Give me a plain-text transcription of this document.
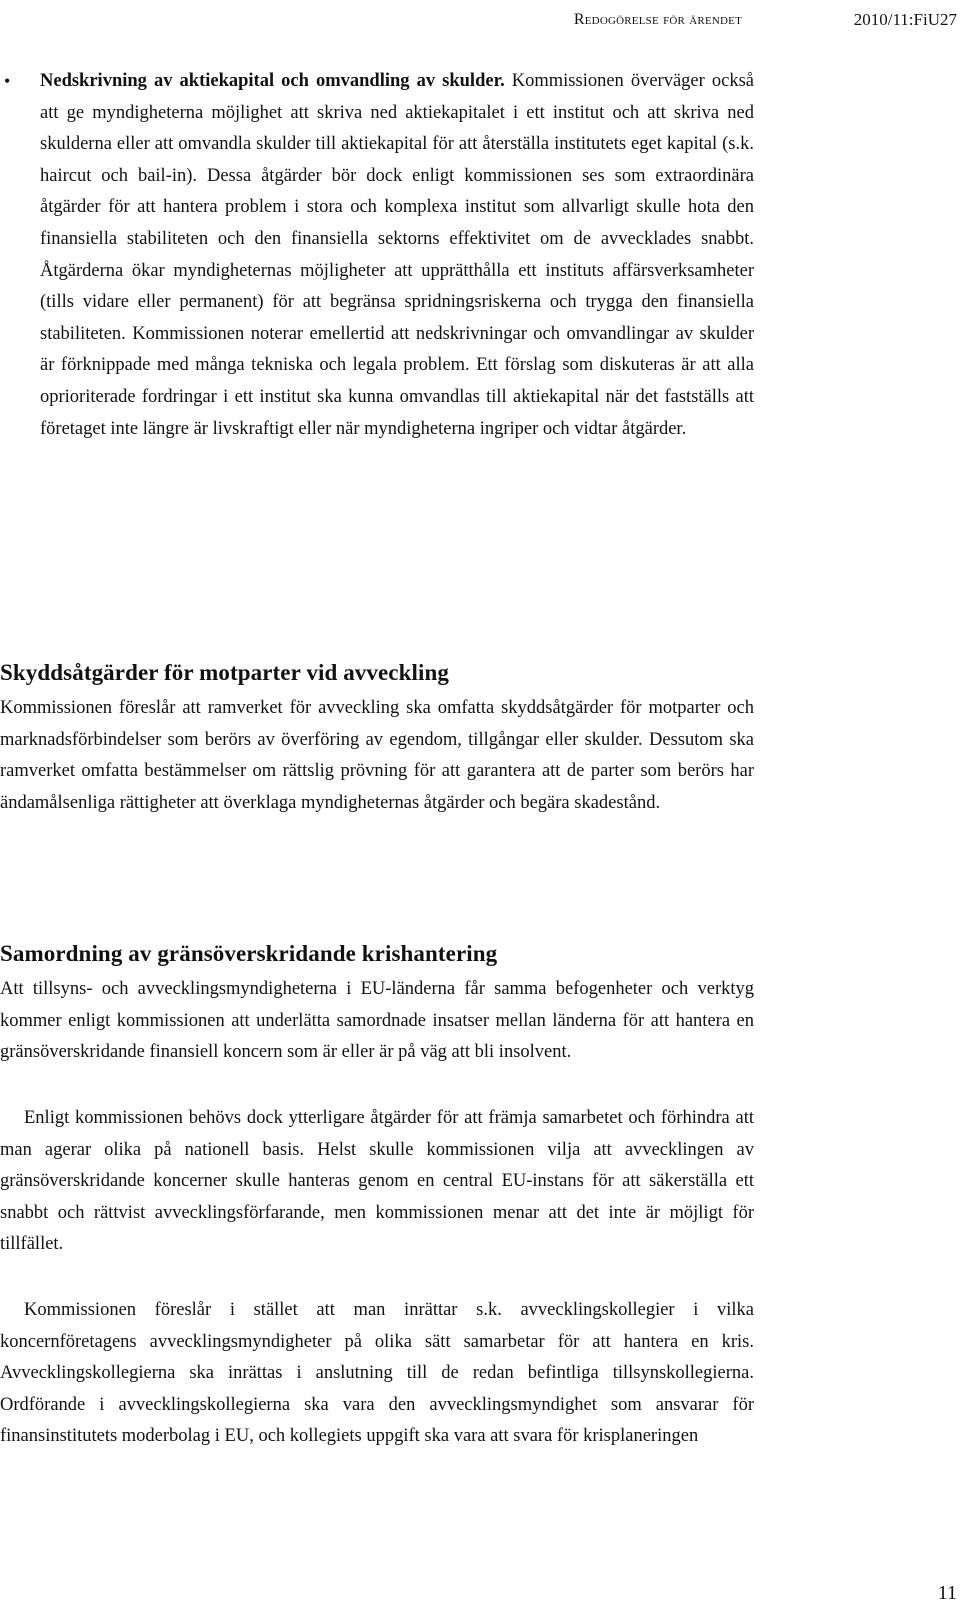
Redogörelse för ärendet	2010/11:FiU27
• Nedskrivning av aktiekapital och omvandling av skulder. Kommissionen överväger också att ge myndigheterna möjlighet att skriva ned aktiekapitalet i ett institut och att skriva ned skulderna eller att omvandla skulder till aktiekapital för att återställa institutets eget kapital (s.k. haircut och bail-in). Dessa åtgärder bör dock enligt kommissionen ses som extraordinära åtgärder för att hantera problem i stora och komplexa institut som allvarligt skulle hota den finansiella stabiliteten och den finansiella sektorns effektivitet om de avvecklades snabbt. Åtgärderna ökar myndigheternas möjligheter att upprätthålla ett instituts affärsverksamheter (tills vidare eller permanent) för att begränsa spridningsriskerna och trygga den finansiella stabiliteten. Kommissionen noterar emellertid att nedskrivningar och omvandlingar av skulder är förknippade med många tekniska och legala problem. Ett förslag som diskuteras är att alla oprioriterade fordringar i ett institut ska kunna omvandlas till aktiekapital när det fastställs att företaget inte längre är livskraftigt eller när myndigheterna ingriper och vidtar åtgärder.
Skyddsåtgärder för motparter vid avveckling

Kommissionen föreslår att ramverket för avveckling ska omfatta skyddsåtgärder för motparter och marknadsförbindelser som berörs av överföring av egendom, tillgångar eller skulder. Dessutom ska ramverket omfatta bestämmelser om rättslig prövning för att garantera att de parter som berörs har ändamålsenliga rättigheter att överklaga myndigheternas åtgärder och begära skadestånd.

Samordning av gränsöverskridande krishantering

Att tillsyns- och avvecklingsmyndigheterna i EU-länderna får samma befogenheter och verktyg kommer enligt kommissionen att underlätta samordnade insatser mellan länderna för att hantera en gränsöverskridande finansiell koncern som är eller är på väg att bli insolvent.

Enligt kommissionen behövs dock ytterligare åtgärder för att främja samarbetet och förhindra att man agerar olika på nationell basis. Helst skulle kommissionen vilja att avvecklingen av gränsöverskridande koncerner skulle hanteras genom en central EU-instans för att säkerställa ett snabbt och rättvist avvecklingsförfarande, men kommissionen menar att det inte är möjligt för tillfället.

Kommissionen föreslår i stället att man inrättar s.k. avvecklingskollegier i vilka koncernföretagens avvecklingsmyndigheter på olika sätt samarbetar för att hantera en kris. Avvecklingskollegierna ska inrättas i anslutning till de redan befintliga tillsynskollegierna. Ordförande i avvecklingskollegierna ska vara den avvecklingsmyndighet som ansvarar för finansinstitutets moderbolag i EU, och kollegiets uppgift ska vara att svara för krisplaneringen

11
